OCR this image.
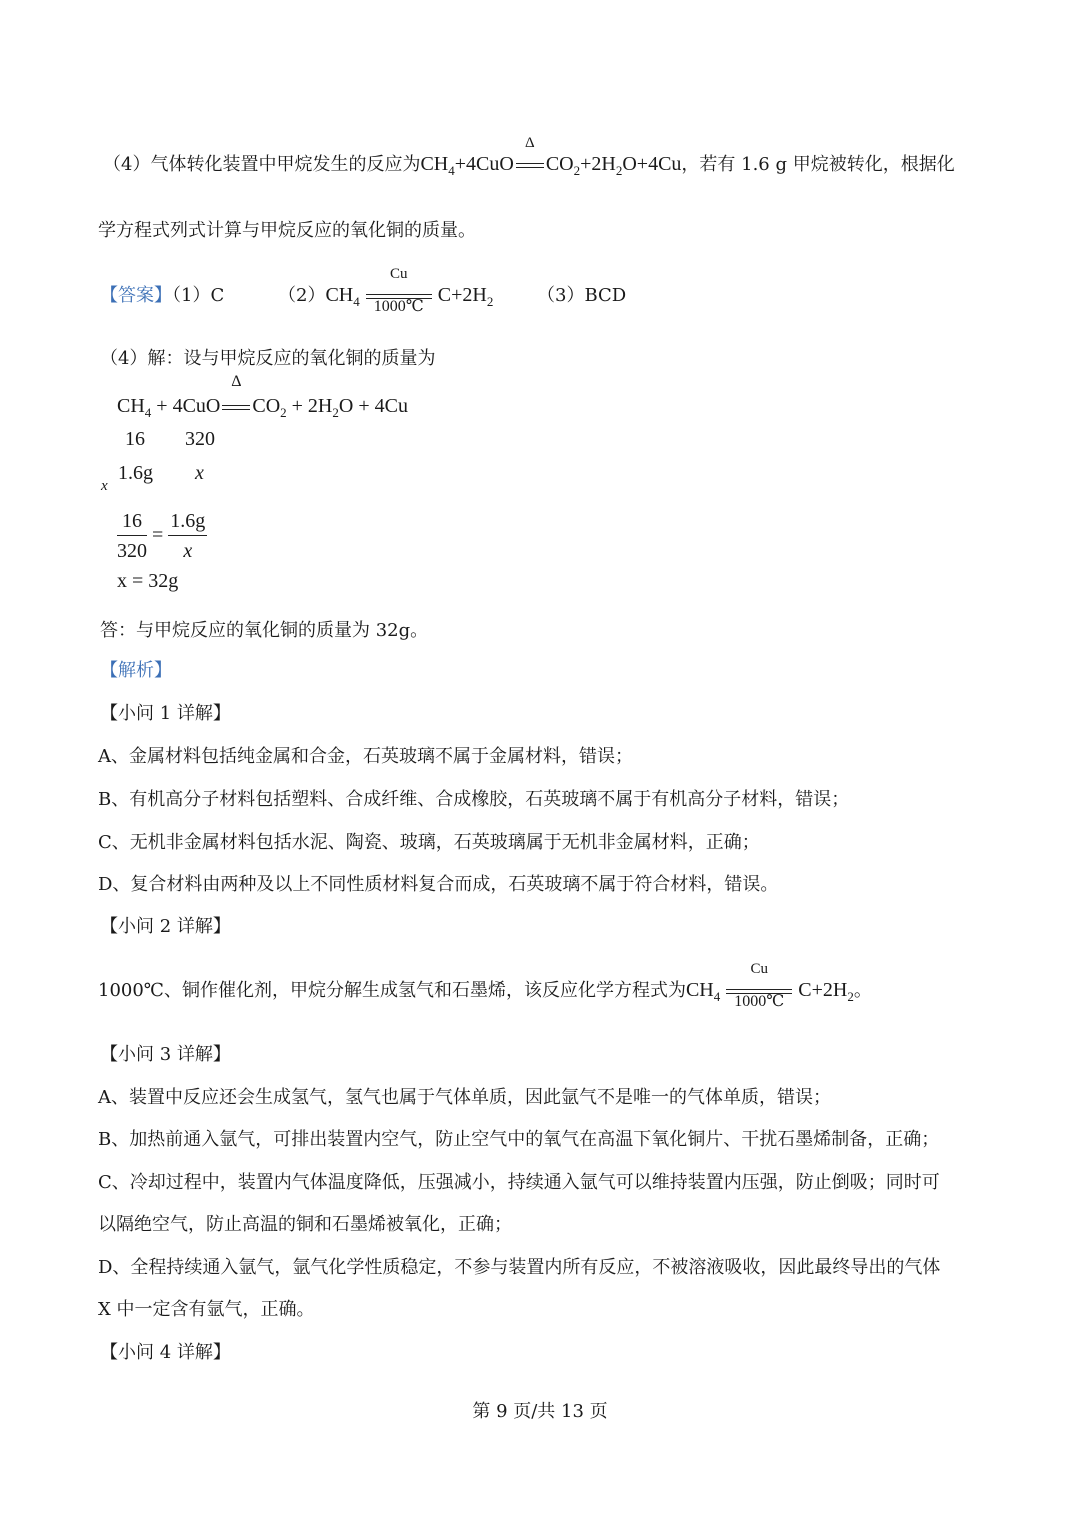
（4）气体转化装置中甲烷发生的反应为$CH_4+4CuO$
Δ
$CO_2+2H_2O+4Cu$，若有 1.6 g 甲烷被转化，根据化
学方程式列式计算与甲烷反应的氧化铜的质量。
【答案】（1）C	$(2)CH_4$
Cu
1000℃
$C+2H_2$ （3）BCD
（4）解：设与甲烷反应的氧化铜的质量为
$CH_4 + 4CuO$
Δ
$CO_2 + 2H_2O + 4Cu$
16 320
x
1.6g x
$\frac{16}{320} = \frac{1.6g}{x}$
x = 32g
答：与甲烷反应的氧化铜的质量为 32g。
【解析】
【小问 1 详解】
A、金属材料包括纯金属和合金，石英玻璃不属于金属材料，错误；
B、有机高分子材料包括塑料、合成纤维、合成橡胶，石英玻璃不属于有机高分子材料，错误；
C、无机非金属材料包括水泥、陶瓷、玻璃，石英玻璃属于无机非金属材料，正确；
D、复合材料由两种及以上不同性质材料复合而成，石英玻璃不属于符合材料，错误。
【小问 2 详解】
1000℃、铜作催化剂，甲烷分解生成氢气和石墨烯，该反应化学方程式为$CH_4$
Cu
1000℃
$C+2H_2$。
【小问 3 详解】
A、装置中反应还会生成氢气，氢气也属于气体单质，因此氩气不是唯一的气体单质，错误；
B、加热前通入氩气，可排出装置内空气，防止空气中的氧气在高温下氧化铜片、干扰石墨烯制备，正确；
C、冷却过程中，装置内气体温度降低，压强减小，持续通入氩气可以维持装置内压强，防止倒吸；同时可
以隔绝空气，防止高温的铜和石墨烯被氧化，正确；
D、全程持续通入氩气，氩气化学性质稳定，不参与装置内所有反应，不被溶液吸收，因此最终导出的气体
X 中一定含有氩气，正确。
【小问 4 详解】
第 9 页/共 13 页
